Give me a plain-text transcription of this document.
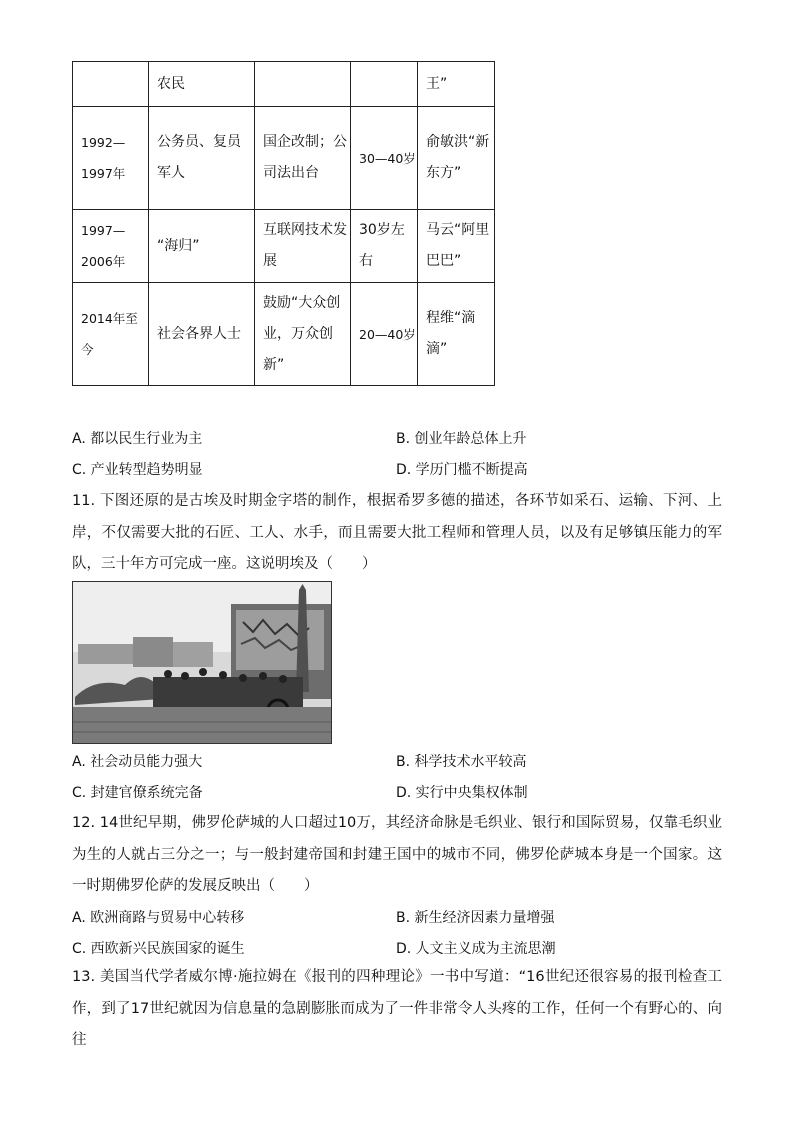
	农民			王”
1992—1997年	公务员、复员军人	国企改制；公司法出台	30—40岁	俞敏洪“新东方”
1997—2006年	“海归”	互联网技术发展	30岁左右	马云“阿里巴巴”
2014年至今	社会各界人士	鼓励“大众创业，万众创新”	20—40岁	程维“滴滴”
A. 都以民生行业为主	B. 创业年龄总体上升
C. 产业转型趋势明显	D. 学历门槛不断提高
11. 下图还原的是古埃及时期金字塔的制作，根据希罗多德的描述，各环节如采石、运输、下河、上岸，不仅需要大批的石匠、工人、水手，而且需要大批工程师和管理人员，以及有足够镇压能力的军队，三十年方可完成一座。这说明埃及（　　）
A. 社会动员能力强大	B. 科学技术水平较高
C. 封建官僚系统完备	D. 实行中央集权体制
12. 14世纪早期，佛罗伦萨城的人口超过10万，其经济命脉是毛织业、银行和国际贸易，仅靠毛织业为生的人就占三分之一；与一般封建帝国和封建王国中的城市不同，佛罗伦萨城本身是一个国家。这一时期佛罗伦萨的发展反映出（　　）
A. 欧洲商路与贸易中心转移	B. 新生经济因素力量增强
C. 西欧新兴民族国家的诞生	D. 人文主义成为主流思潮
13. 美国当代学者威尔博·施拉姆在《报刊的四种理论》一书中写道：“16世纪还很容易的报刊检查工作，到了17世纪就因为信息量的急剧膨胀而成为了一件非常令人头疼的工作，任何一个有野心的、向往
